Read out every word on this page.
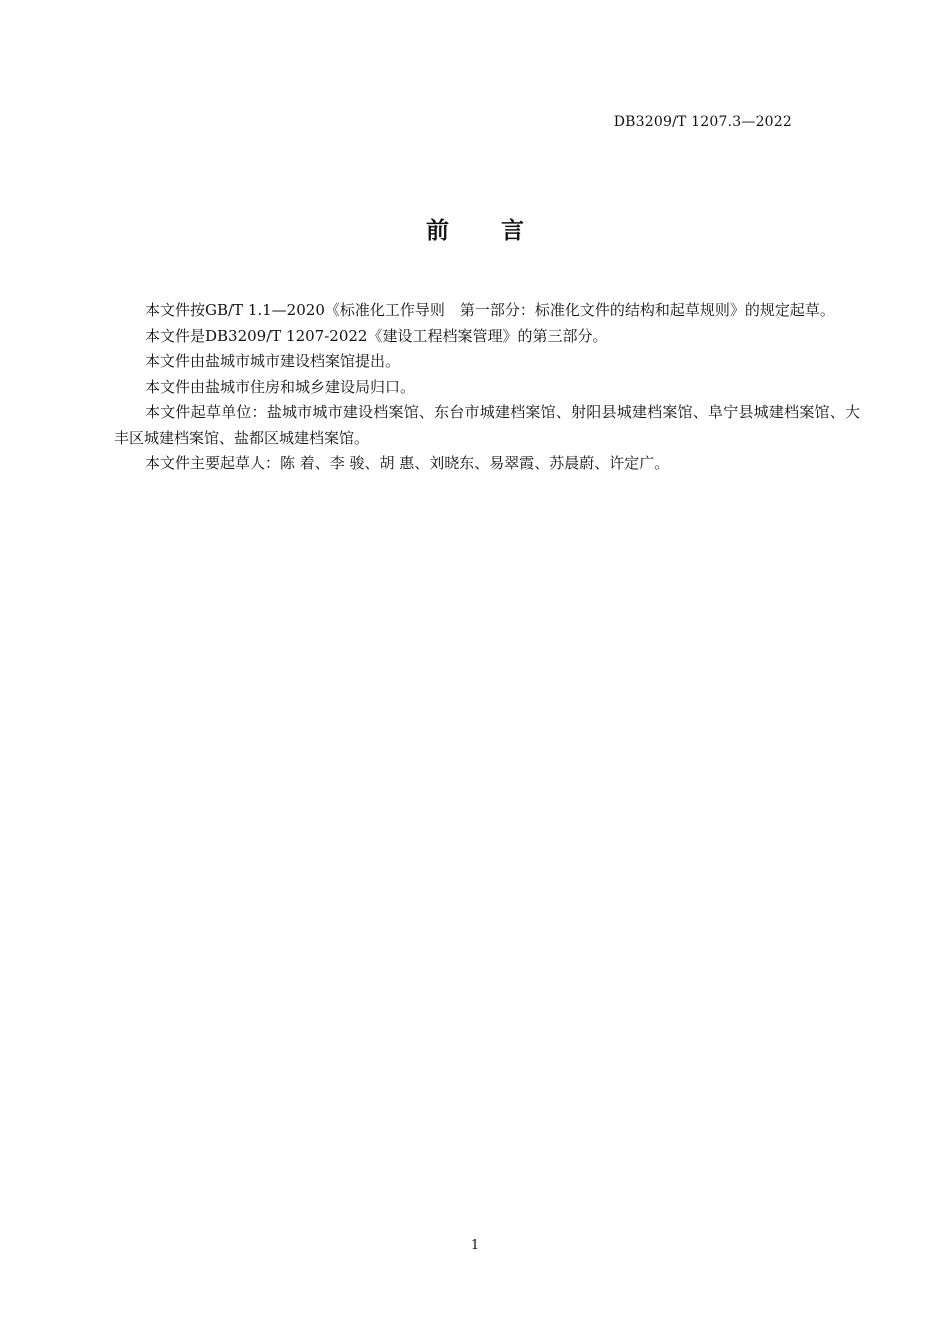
DB3209/T 1207.3—2022
前言

本文件按GB/T 1.1—2020《标准化工作导则　第一部分：标准化文件的结构和起草规则》的规定起草。

本文件是DB3209/T 1207-2022《建设工程档案管理》的第三部分。

本文件由盐城市城市建设档案馆提出。

本文件由盐城市住房和城乡建设局归口。

本文件起草单位：盐城市城市建设档案馆、东台市城建档案馆、射阳县城建档案馆、阜宁县城建档案馆、大丰区城建档案馆、盐都区城建档案馆。

本文件主要起草人：陈 着、李 骏、胡 惠、刘晓东、易翠霞、苏晨蔚、许定广。

1
